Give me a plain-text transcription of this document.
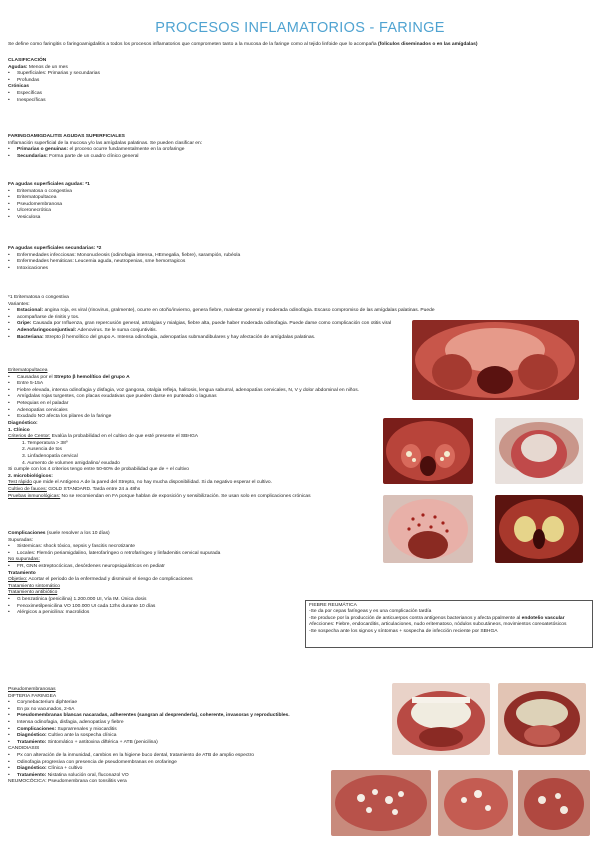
PROCESOS INFLAMATORIOS - FARINGE
Se define como faringitis o faringoamigdalitis a todos los procesos inflamatorios que comprometen tanto a la mucosa de la faringe como al tejido linfoide que lo acompaña (folículos diseminados o en las amígdalas)

CLASIFICACIÓN

Agudas: Menos de un mes

• Superficiales: Primarias y secundarias

• Profundas

Crónicas

• Específicas

• Inespecíficas

FARINGOAMIGDALITIS AGUDAS SUPERFICIALES

Inflamación superficial de la mucosa y/o las amígdalas palatinas. Se pueden clasificar en:

• Primarias o genuinas: el proceso ocurre fundamentalmente en la orofaringe

• Secundarias: Forma parte de un cuadro clínico general

FA agudas superficiales agudas: *1

• Eritematosa o congestiva

• Eritematopultacea

• Pseudomembranosa

• Ulceronecrótica

• Vesiculosa

FA agudas superficiales secundarias: *2

• Enfermedades infecciosas: Mononucleosis (odinofagia intensa, HEmegalia, fiebre), sarampión, rubéola

• Enfermedades hemáticas: Leucemia aguda, neutropenias, sme hemorragicos

• Intoxicaciones

*1 Eritematosa o congestiva

Variantes:

• Estacional: angina roja, es viral (rinovirus, gralmente), ocurre en otoño/invierno, genera fiebre, malestar general y moderada odinofagia. Escaso compromiso de las amígdalas palatinas. Puede

• acompañarse de rinitis y tos.

• Gripe: Causada por Influenza, gran repercusión general, artralgias y mialgias, fiebre alta, puede haber moderada odinofagia. Puede darse como complicación con otitis viral

• Adenofaringoconjuntival: Adenovirus. Se le suma conjuntivitis.

• Bacteriana: Strepto β hemolítico del grupo A. Intensa odinofagia, adenopatías submandibulares y hay afectación de amígdalas palatinas.

Eritematopultacea

• Causadas por el Strepto β hemolítico del grupo A

• Entre 5-15A

• Fiebre elevada, intensa odinofagia y disfagia, voz gangosa, otalgia refleja, halitosis, lengua saburral, adenopatías cervicales, N, V y dolor abdominal en niños.

• Amígdalas rojas turgentes, con placas exudativas que pueden darse en punteado o lagunas

• Petequias en el paladar

• Adenopatías cervicales

• Exudado NO afecta los pilares de la faringe

Diagnóstico:

1. Clínico

Criterios de Centor: Evalúa la probabilidad en el cultivo de que esté presente el SBHGA

1. Temperatura > 38º

2. Ausencia de tos

3. Linfadenopatía cervical

4. Aumento de volumen amigdalino/ exudado

Si cumple con los 4 criterios tengo entre 50-60% de probabilidad que de + el cultivo

2. microbiológicos:

Test rápido que mide el Antígeno A de la pared del Strepto, no hay mucha disponibilidad. Si da negativo esperar el cultivo.

Cultivo de fauces: GOLD STANDARD. Tarda entre 24 a 48hs

Pruebas inmunológicas: No se recomiendan en FA porque hablan de exposición y sensibilización. Se usan solo en complicaciones crónicas

Complicaciones (suele resolver a los 10 días)

Supuradas:

• Sistemicas: shock tóxico, sepsis y fascitis necrotizante

• Locales: Flemón periamigdalino, laterofaríngeo o retrofaríngeo y linfadenitis cervical supurada

No supuradas:

• FR, GNN estreptocócicas, desórdenes neuropsiquiátricos en pediatr

Tratamiento

Objetivo: Acortar el periodo de la enfermedad y disminuir el riesgo de complicaciones

Tratamiento sintomático

Tratamiento antibiótico

• G benzatínica (penicilina) 1.200.000 UI, Vía IM. Única dosis

• Fenoximetilpenicilina VO 100.000 UI cada 12hs durante 10 días

• Alérgicos a penicilina: macrolidos

FIEBRE REUMÁTICA

-Se da por cepas faríngeas y es una complicación tardía

-Se produce por la producción de anticuerpos contra antígenos bacterianos y afecta ppalmente al endotelio vascular

Afecciones: Fiebre, endocarditis, articulaciones, nudo eritematoso, nódulos subcutáneos, movimientos coreoatetósicos

-Se sospecha ante los signos y síntomas + sospecha de infección reciente por SBHGA

Pseudomembranosas

DIFTERIA FARINGEA

• Corynebacterium diphteriae

• En px no vacunados, 2-6A

• Pseudomembranas blancas nacaradas, adherentes (sangran al desprenderla), coherente, invasoras y reproductibles.

• Intensa odinofagia, disfagia, adenopatías y fiebre

• Complicaciones: Suprarrenales y miocarditis

• Diagnóstico: Cultivo ante la sospecha clínica

• Tratamiento: Sintomático + antitoxina diftérica + ATB (penicilina)

CANDIDIASIS

• Px con alteración de la inmunidad, cambios en la higiene buco dental, tratamiento de ATB de amplio espectro

• Odinofagia progresiva con presencia de pseudomembranas en orofaringe

• Diagnóstico: Clínica + cultivo

• Tratamiento: Nistatina solución oral, fluconazol VO

NEUMOCÓCICA: Pseudomembrana con tonsilitis vera
